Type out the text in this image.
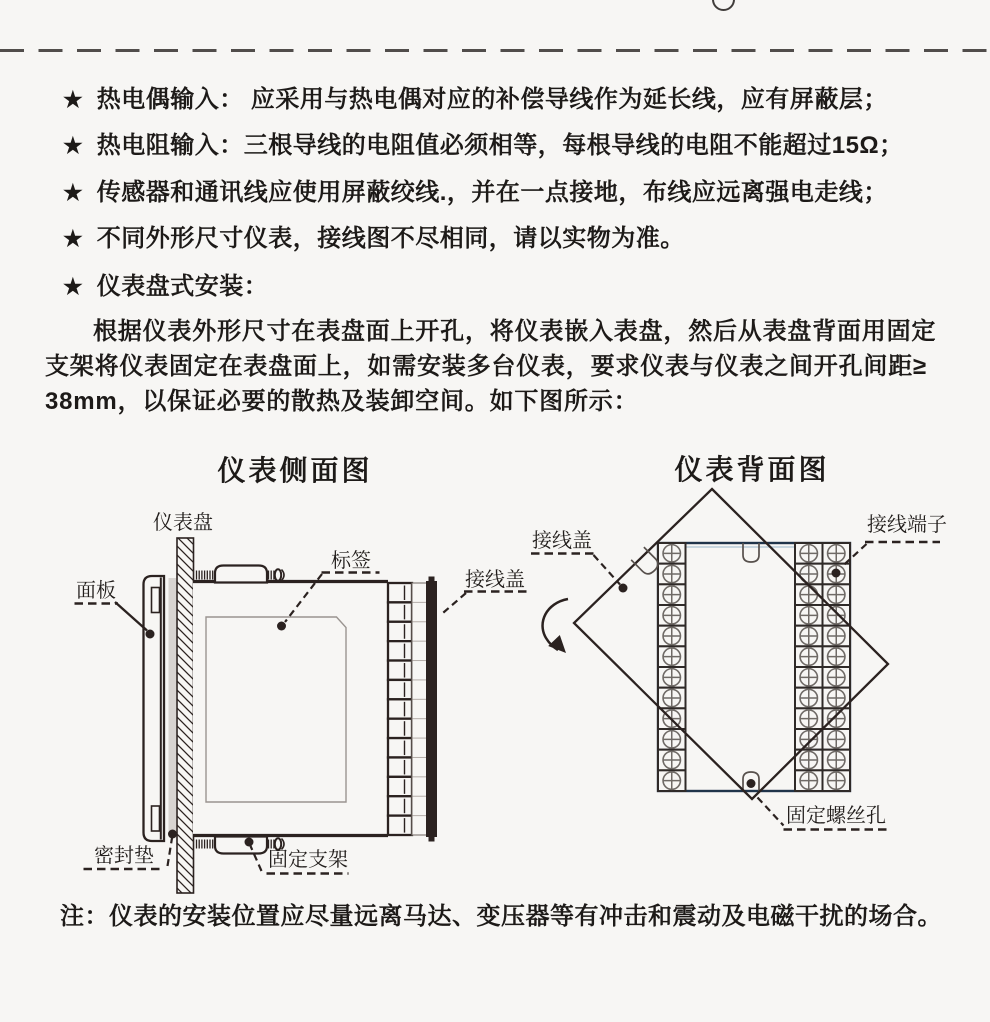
★ 热电偶输入： 应采用与热电偶对应的补偿导线作为延长线，应有屏蔽层；
★ 热电阻输入：三根导线的电阻值必须相等，每根导线的电阻不能超过15Ω；
★ 传感器和通讯线应使用屏蔽绞线.，并在一点接地，布线应远离强电走线；
★ 不同外形尺寸仪表，接线图不尽相同，请以实物为准。
★ 仪表盘式安装：
根据仪表外形尺寸在表盘面上开孔，将仪表嵌入表盘，然后从表盘背面用固定
支架将仪表固定在表盘面上，如需安装多台仪表，要求仪表与仪表之间开孔间距≥
38mm，以保证必要的散热及装卸空间。如下图所示：
仪表盘
面板
标签
接线盖
密封垫	固定支架
接线盖
接线端子
固定螺丝孔
仪表侧面图	仪表背面图
注：仪表的安装位置应尽量远离马达、变压器等有冲击和震动及电磁干扰的场合。
